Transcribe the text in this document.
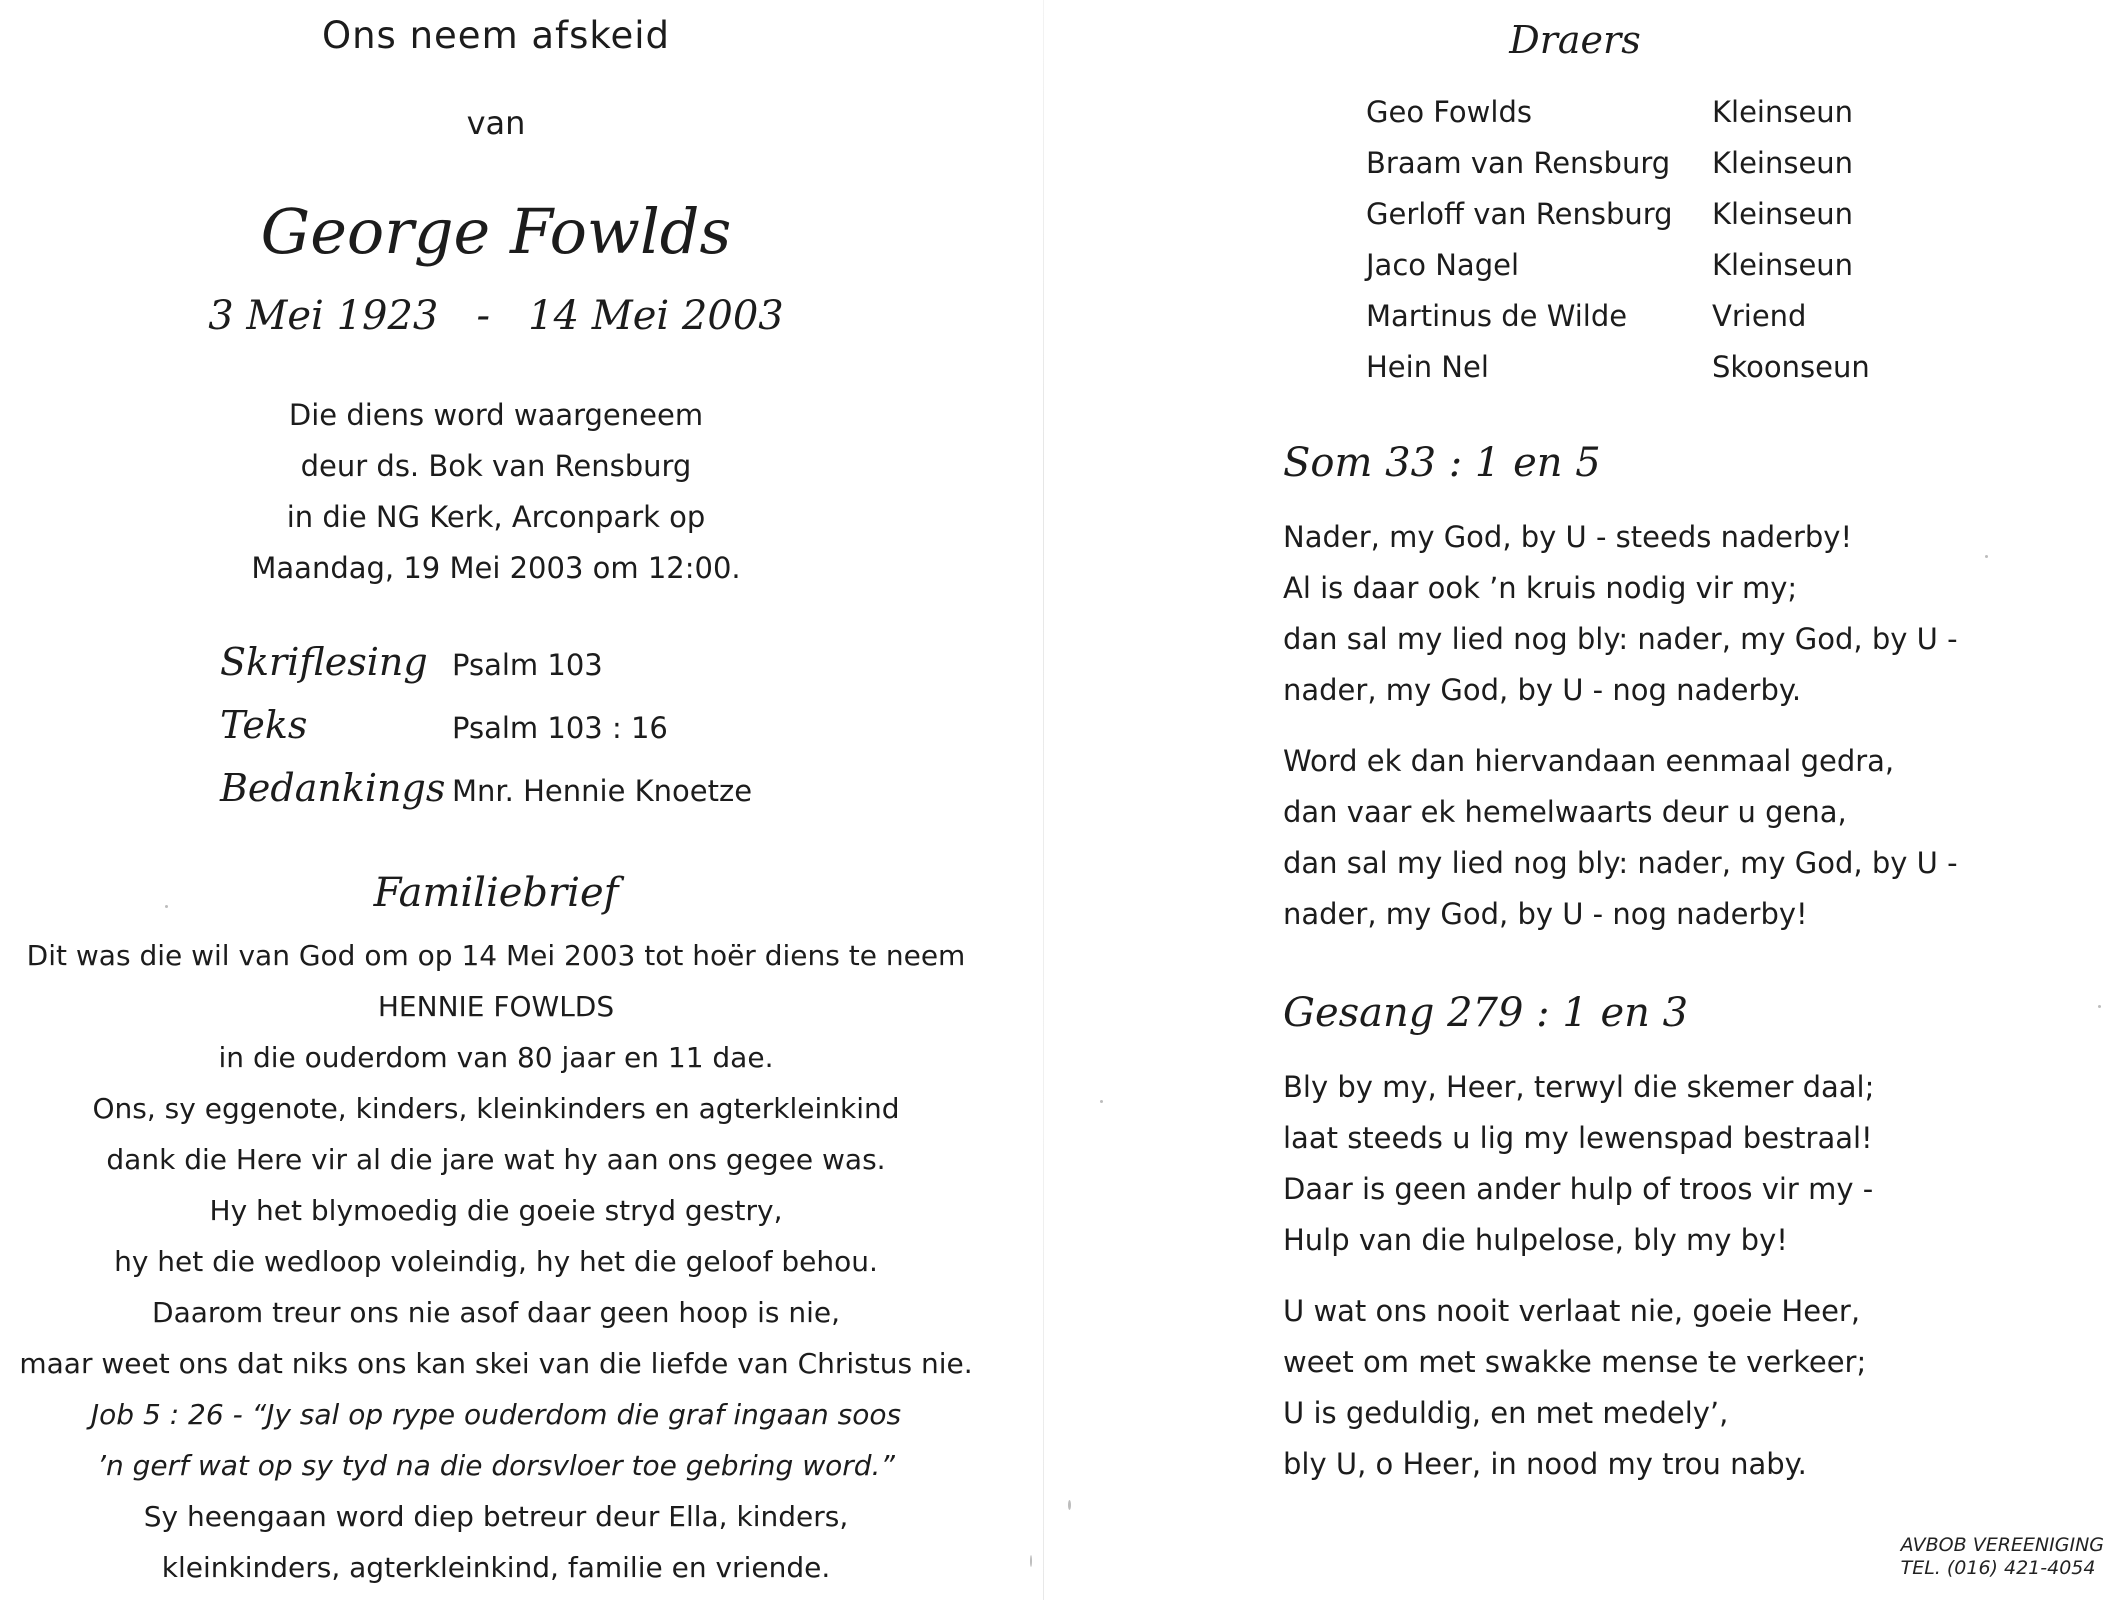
Ons neem afskeid
van
George Fowlds
3 Mei 1923   -   14 Mei 2003
Die diens word waargeneem
deur ds. Bok van Rensburg
in die NG Kerk, Arconpark op
Maandag, 19 Mei 2003 om 12:00.
Skriflesing Psalm 103
Teks	Psalm 103 : 16
Bedankings Mnr. Hennie Knoetze
Familiebrief
Dit was die wil van God om op 14 Mei 2003 tot hoër diens te neem
HENNIE FOWLDS
in die ouderdom van 80 jaar en 11 dae.
Ons, sy eggenote, kinders, kleinkinders en agterkleinkind
dank die Here vir al die jare wat hy aan ons gegee was.
Hy het blymoedig die goeie stryd gestry,
hy het die wedloop voleindig, hy het die geloof behou.
Daarom treur ons nie asof daar geen hoop is nie,
maar weet ons dat niks ons kan skei van die liefde van Christus nie.
Job 5 : 26 - “Jy sal op rype ouderdom die graf ingaan soos
’n gerf wat op sy tyd na die dorsvloer toe gebring word.”
Sy heengaan word diep betreur deur Ella, kinders,
kleinkinders, agterkleinkind, familie en vriende.
Draers
Geo Fowlds	Kleinseun
Braam van Rensburg	Kleinseun
Gerloff van Rensburg	Kleinseun
Jaco Nagel	Kleinseun
Martinus de Wilde	Vriend
Hein Nel	Skoonseun
Som 33 : 1 en 5
Nader, my God, by U - steeds naderby!
Al is daar ook ’n kruis nodig vir my;
dan sal my lied nog bly: nader, my God, by U -
nader, my God, by U - nog naderby.
Word ek dan hiervandaan eenmaal gedra,
dan vaar ek hemelwaarts deur u gena,
dan sal my lied nog bly: nader, my God, by U -
nader, my God, by U - nog naderby!
Gesang 279 : 1 en 3
Bly by my, Heer, terwyl die skemer daal;
laat steeds u lig my lewenspad bestraal!
Daar is geen ander hulp of troos vir my -
Hulp van die hulpelose, bly my by!
U wat ons nooit verlaat nie, goeie Heer,
weet om met swakke mense te verkeer;
U is geduldig, en met medely’,
bly U, o Heer, in nood my trou naby.
AVBOB VEREENIGING
TEL. (016) 421-4054
